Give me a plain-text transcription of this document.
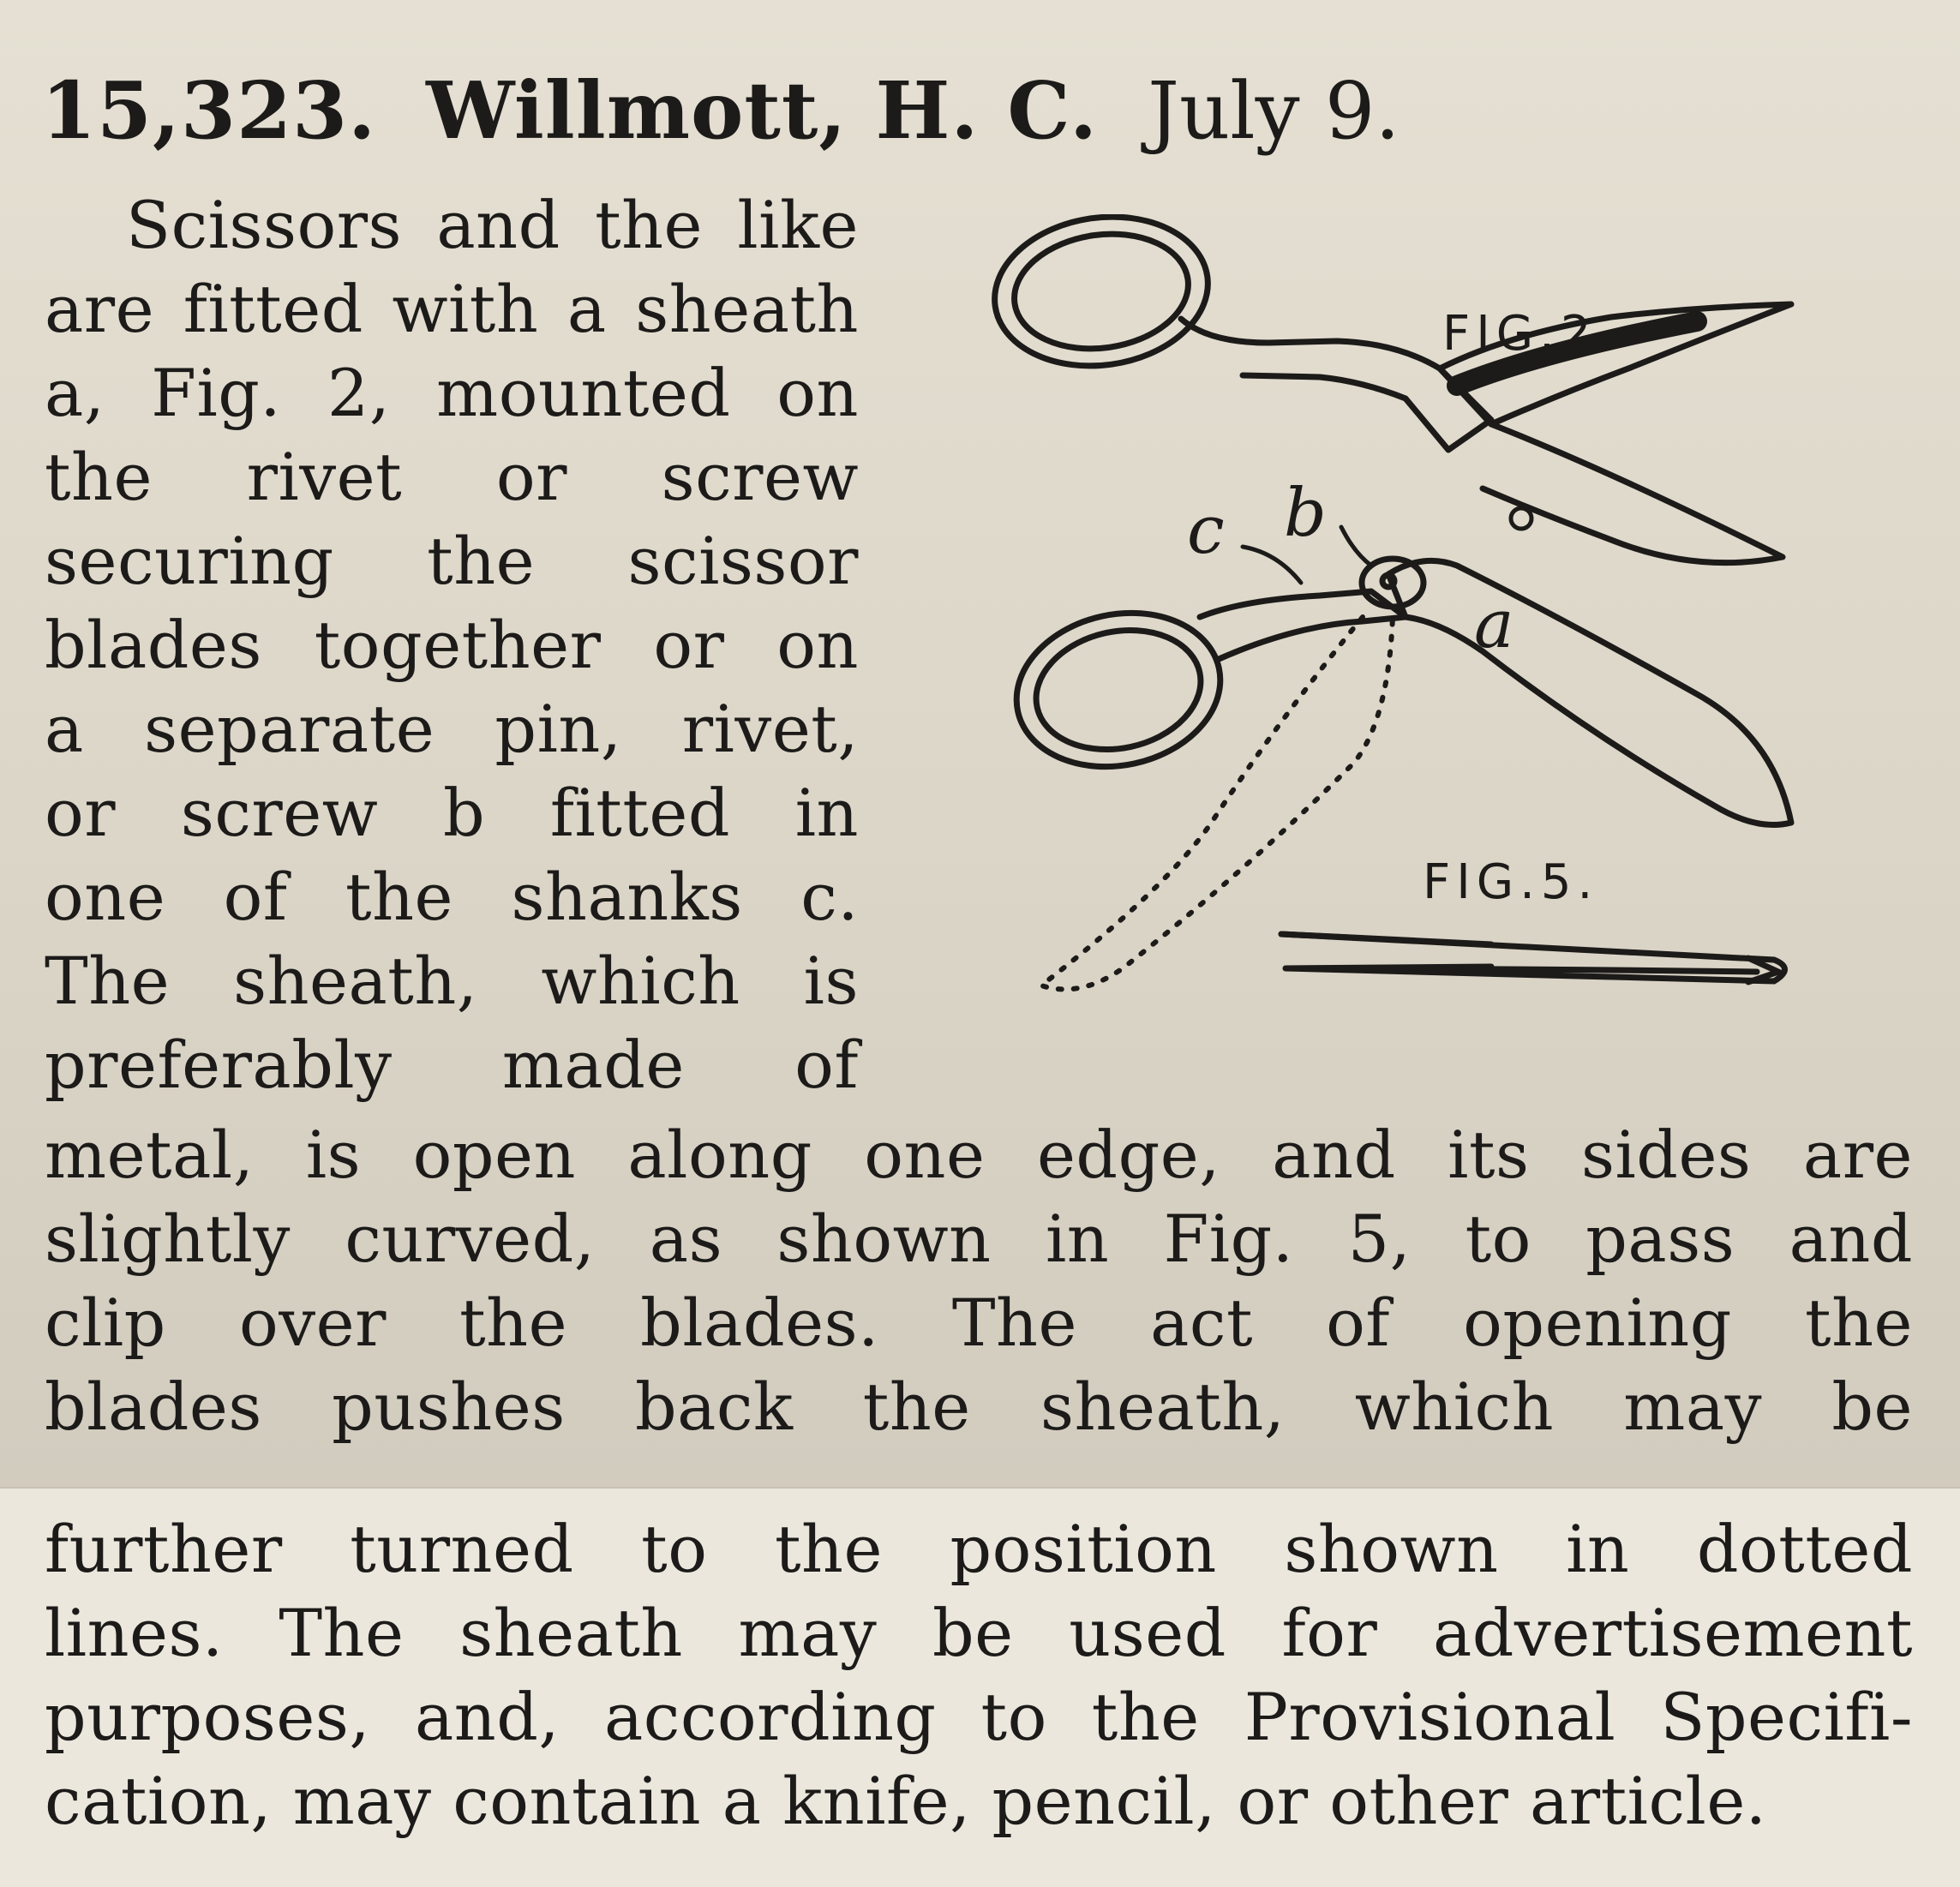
15,323. Willmott, H. C. July 9.
Scissors and the like
are fitted with a sheath
a, Fig. 2, mounted on
the rivet or screw
securing the scissor
blades together or on
a separate pin, rivet,
or screw b fitted in
one of the shanks c.
The sheath, which is
preferably made of
metal, is open along one edge, and its sides are
slightly curved, as shown in Fig. 5, to pass and
clip over the blades. The act of opening the
blades pushes back the sheath, which may be
further turned to the position shown in dotted
lines. The sheath may be used for advertisement
purposes, and, according to the Provisional Specifi-
cation, may contain a knife, pencil, or other article.
FIG.2.
FIG.5.
c b
a
